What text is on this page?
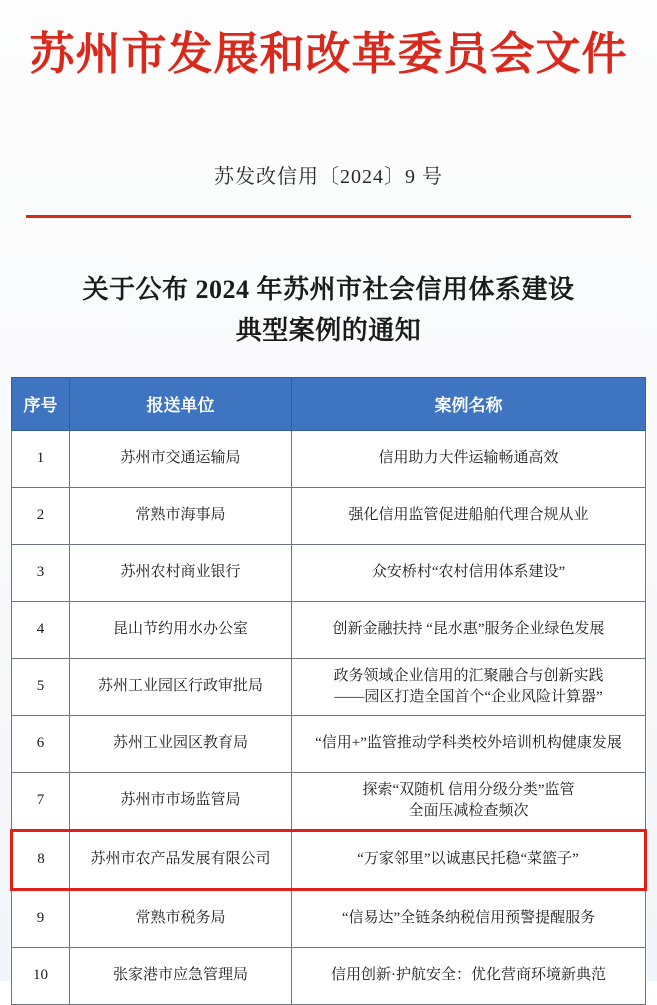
苏州市发展和改革委员会文件
苏发改信用〔2024〕9 号
关于公布 2024 年苏州市社会信用体系建设
典型案例的通知
序号	报送单位	案例名称
1	苏州市交通运输局	信用助力大件运输畅通高效

2	常熟市海事局	强化信用监管促进船舶代理合规从业

3	苏州农村商业银行	众安桥村“农村信用体系建设”

4	昆山节约用水办公室	创新金融扶持 “昆水惠”服务企业绿色发展

5	苏州工业园区行政审批局	政务领域企业信用的汇聚融合与创新实践
——园区打造全国首个“企业风险计算器”

6	苏州工业园区教育局	“信用+”监管推动学科类校外培训机构健康发展

7	苏州市市场监管局	探索“双随机 信用分级分类”监管
全面压减检查频次

8	苏州市农产品发展有限公司	“万家邻里”以诚惠民托稳“菜篮子”

9	常熟市税务局	“信易达”全链条纳税信用预警提醒服务

10	张家港市应急管理局	信用创新·护航安全：优化营商环境新典范
